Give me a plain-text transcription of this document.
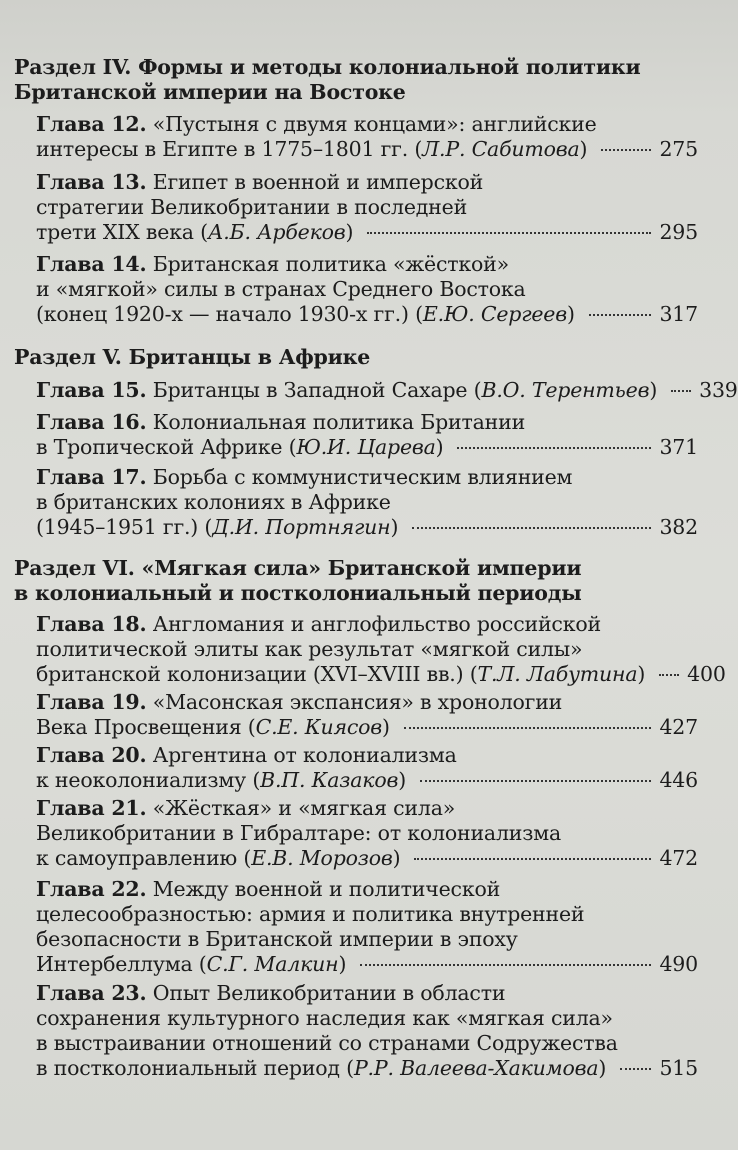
Раздел IV. Формы и методы колониальной политики
Британской империи на Востоке
Глава 12. «Пустыня с двумя концами»: английские
интересы в Египте в 1775–1801 гг. (Л.Р. Сабитова)	275
Глава 13. Египет в военной и имперской
стратегии Великобритании в последней
трети XIX века (А.Б. Арбеков)	295
Глава 14. Британская политика «жёсткой»
и «мягкой» силы в странах Среднего Востока
(конец 1920-х — начало 1930-х гг.) (Е.Ю. Сергеев)	317
Раздел V. Британцы в Африке
Глава 15. Британцы в Западной Сахаре (В.О. Терентьев) 339
Глава 16. Колониальная политика Британии
в Тропической Африке (Ю.И. Царева)	371
Глава 17. Борьба с коммунистическим влиянием
в британских колониях в Африке
(1945–1951 гг.) (Д.И. Портнягин)	382
Раздел VI. «Мягкая сила» Британской империи
в колониальный и постколониальный периоды
Глава 18. Англомания и англофильство российской
политической элиты как результат «мягкой силы»
британской колонизации (XVI–XVIII вв.) (Т.Л. Лабутина) 400
Глава 19. «Масонская экспансия» в хронологии
Века Просвещения (С.Е. Киясов)	427
Глава 20. Аргентина от колониализма
к неоколониализму (В.П. Казаков)	446
Глава 21. «Жёсткая» и «мягкая сила»
Великобритании в Гибралтаре: от колониализма
к самоуправлению (Е.В. Морозов)	472
Глава 22. Между военной и политической
целесообразностью: армия и политика внутренней
безопасности в Британской империи в эпоху
Интербеллума (С.Г. Малкин)	490
Глава 23. Опыт Великобритании в области
сохранения культурного наследия как «мягкая сила»
в выстраивании отношений со странами Содружества
в постколониальный период (Р.Р. Валеева-Хакимова)	515
